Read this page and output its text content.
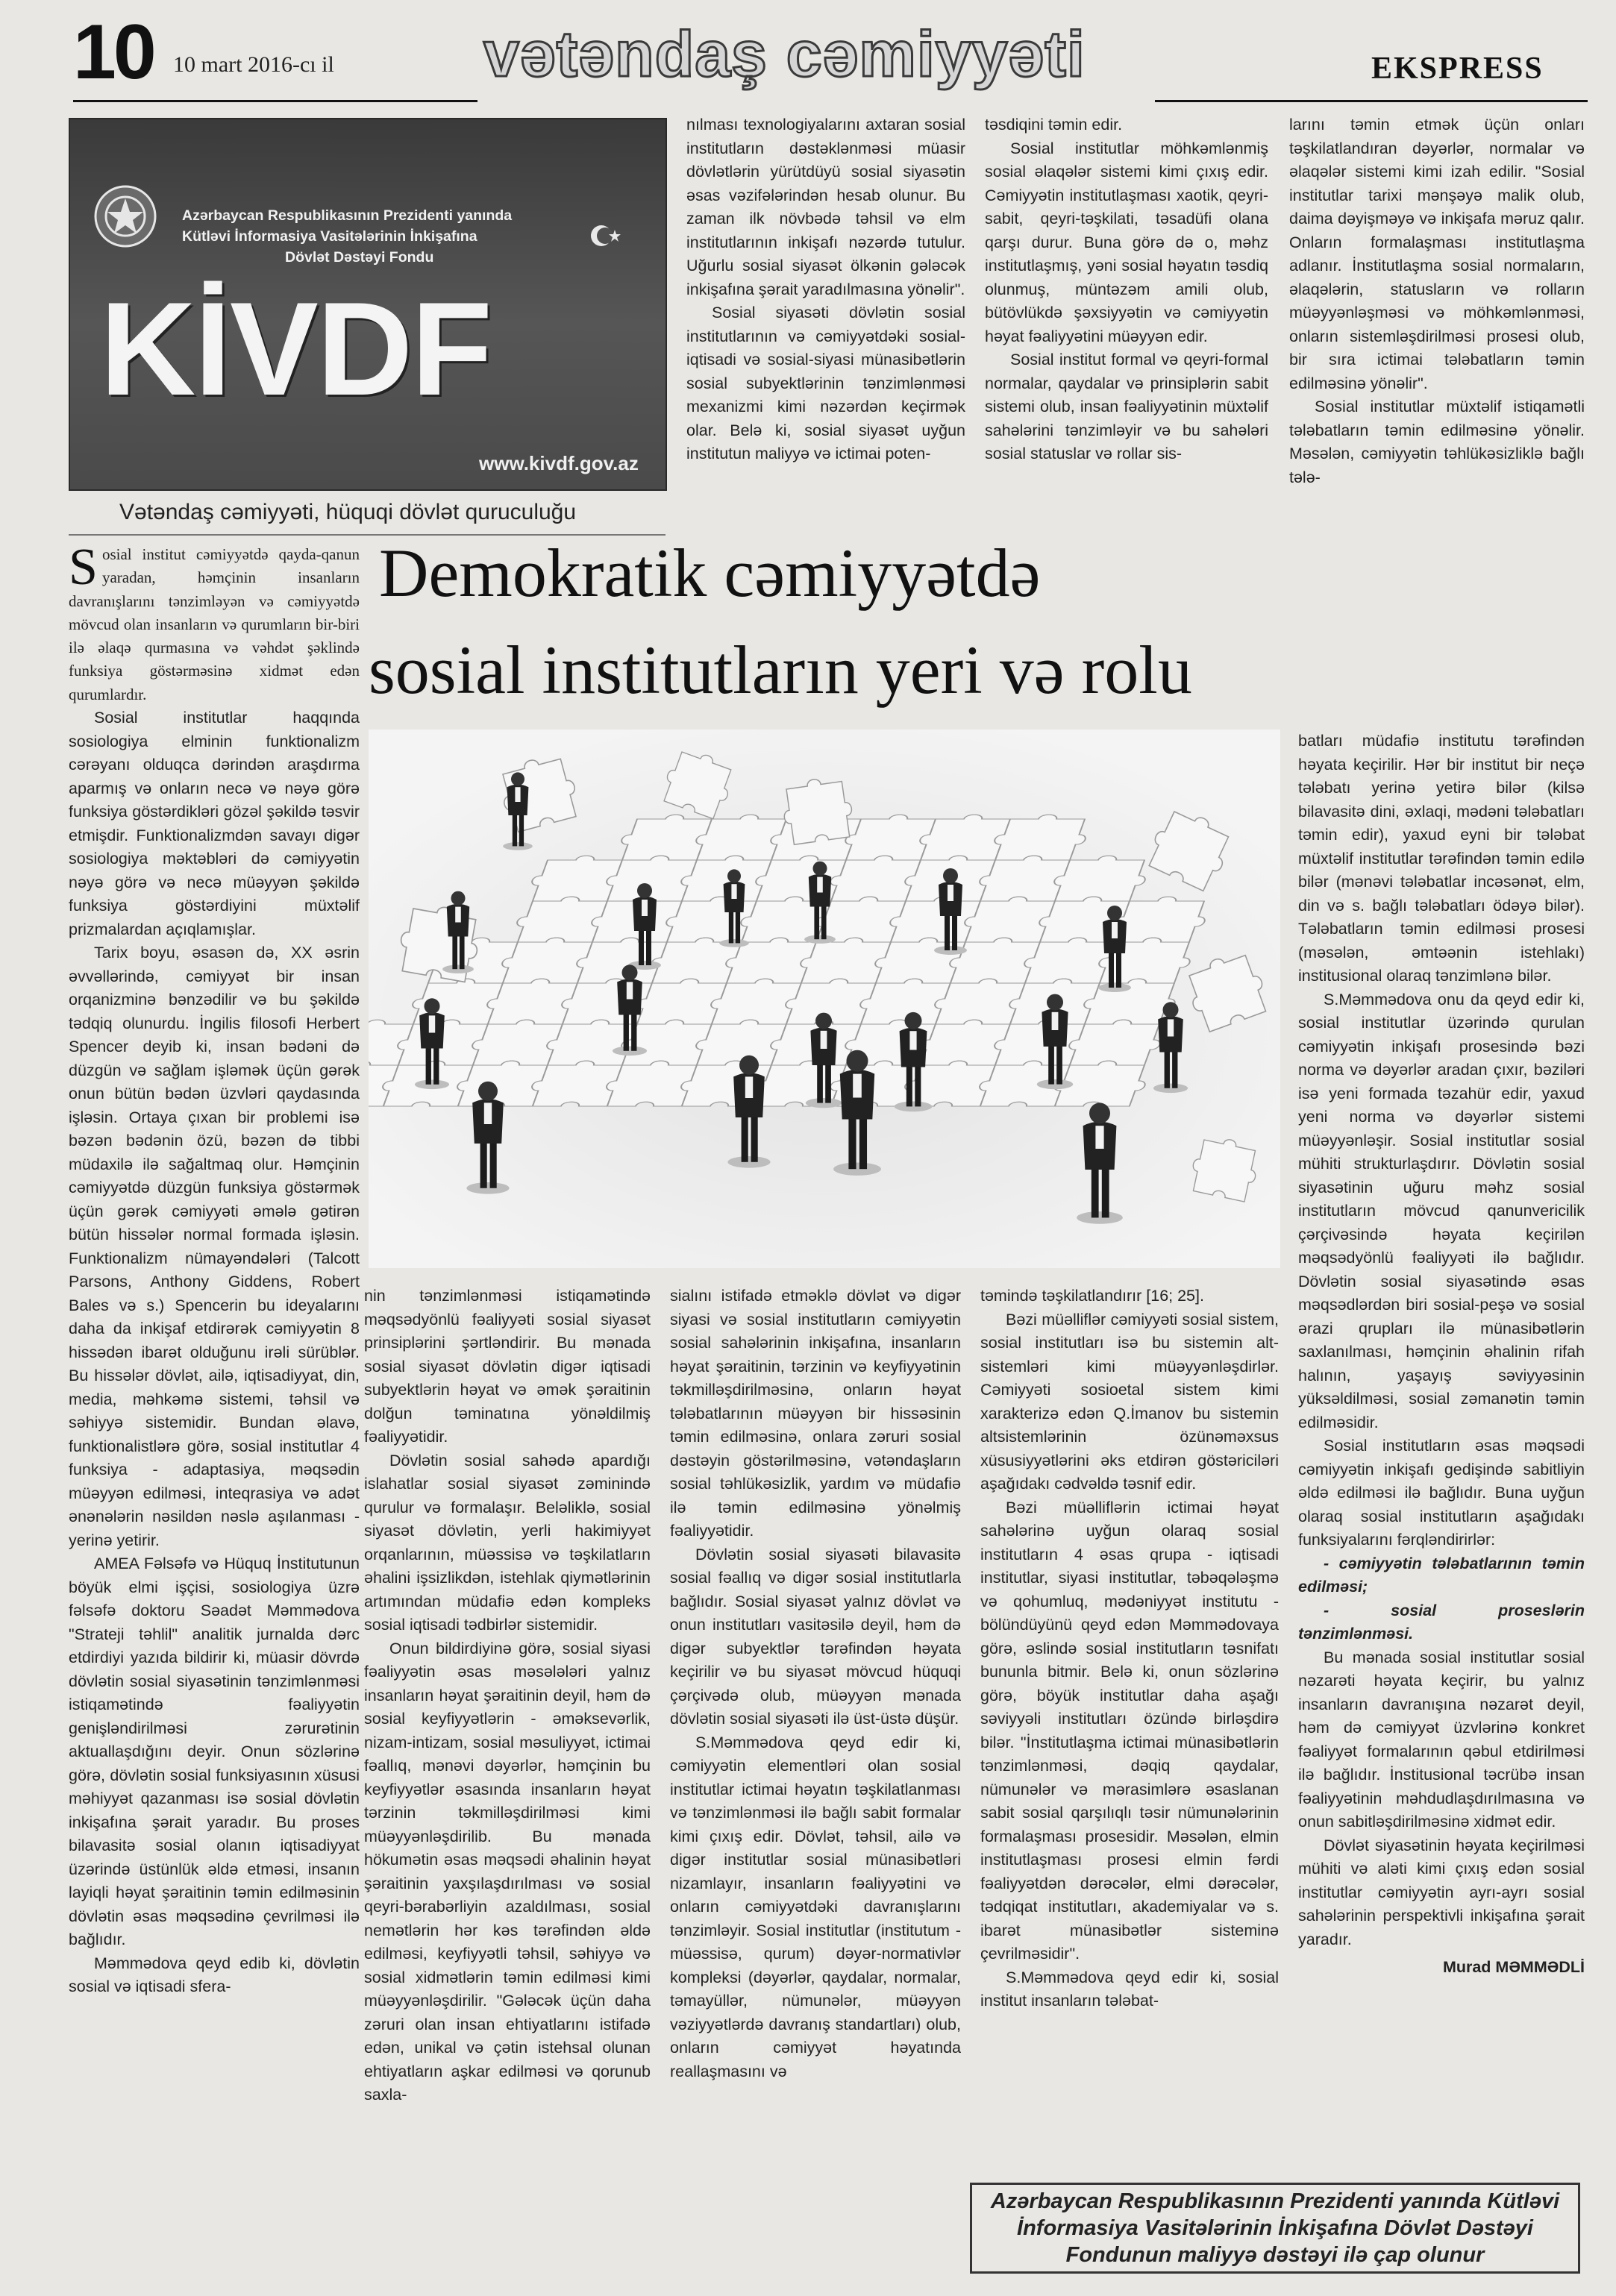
10 10 mart 2016-cı il vətəndaş cəmiyyəti	EKSPRESS
Azərbaycan Respublikasının Prezidenti yanında
Kütləvi İnformasiya Vasitələrinin İnkişafına
Dövlət Dəstəyi Fondu
KİVDF
www.kivdf.gov.az
Vətəndaş cəmiyyəti, hüquqi dövlət quruculuğu
Demokratik cəmiyyətdə
sosial institutların yeri və rolu

Sosial institut cəmiyyətdə qayda-qanun yaradan, həmçinin insanların davranışlarını tənzimləyən və cəmiyyətdə mövcud olan insanların və qurumların bir-biri ilə əlaqə qurmasına və vəhdət şəklində funksiya göstərməsinə xidmət edən qurumlardır.

Sosial institutlar haqqında sosiologiya elminin funktionalizm cərəyanı olduqca dərindən araşdırma aparmış və onların necə və nəyə görə funksiya göstərdikləri gözəl şəkildə təsvir etmişdir. Funktionalizmdən savayı digər sosiologiya məktəbləri də cəmiyyətin nəyə görə və necə müəyyən şəkildə funksiya göstərdiyini müxtəlif prizmalardan açıqlamışlar.

Tarix boyu, əsasən də, XX əsrin əvvəllərində, cəmiyyət bir insan orqanizminə bənzədilir və bu şəkildə tədqiq olunurdu. İngilis filosofi Herbert Spencer deyib ki, insan bədəni də düzgün və sağlam işləmək üçün gərək onun bütün bədən üzvləri qaydasında işləsin. Ortaya çıxan bir problemi isə bəzən bədənin özü, bəzən də tibbi müdaxilə ilə sağaltmaq olur. Həmçinin cəmiyyətdə düzgün funksiya göstərmək üçün gərək cəmiyyəti əmələ gətirən bütün hissələr normal formada işləsin. Funktionalizm nümayəndələri (Talcott Parsons, Anthony Giddens, Robert Bales və s.) Spencerin bu ideyalarını daha da inkişaf etdirərək cəmiyyətin 8 hissədən ibarət olduğunu irəli sürüblər. Bu hissələr dövlət, ailə, iqtisadiyyat, din, media, məhkəmə sistemi, təhsil və səhiyyə sistemidir. Bundan əlavə, funktionalistlərə görə, sosial institutlar 4 funksiya - adaptasiya, məqsədin müəyyən edilməsi, inteqrasiya və adət ənənələrin nəsildən nəslə aşılanması - yerinə yetirir.

AMEA Fəlsəfə və Hüquq İnstitutunun böyük elmi işçisi, sosiologiya üzrə fəlsəfə doktoru Səadət Məmmədova "Strateji təhlil" analitik jurnalda dərc etdirdiyi yazıda bildirir ki, müasir dövrdə dövlətin sosial siyasətinin tənzimlənməsi istiqamətində fəaliyyətin genişləndirilməsi zərurətinin aktuallaşdığını deyir. Onun sözlərinə görə, dövlətin sosial funksiyasının xüsusi məhiyyət qazanması isə sosial dövlətin inkişafına şərait yaradır. Bu proses bilavasitə sosial olanın iqtisadiyyat üzərində üstünlük əldə etməsi, insanın layiqli həyat şəraitinin təmin edilməsinin dövlətin əsas məqsədinə çevrilməsi ilə bağlıdır.

Məmmədova qeyd edib ki, dövlətin sosial və iqtisadi sfera-

nılması texnologiyalarını axtaran sosial institutların dəstəklənməsi müasir dövlətlərin yürütdüyü sosial siyasətin əsas vəzifələrindən hesab olunur. Bu zaman ilk növbədə təhsil və elm institutlarının inkişafı nəzərdə tutulur. Uğurlu sosial siyasət ölkənin gələcək inkişafına şərait yaradılmasına yönəlir".

Sosial siyasəti dövlətin sosial institutlarının və cəmiyyətdəki sosial-iqtisadi və sosial-siyasi münasibətlərin sosial subyektlərinin tənzimlənməsi mexanizmi kimi nəzərdən keçirmək olar. Belə ki, sosial siyasət uyğun institutun maliyyə və ictimai poten-

təsdiqini təmin edir.

Sosial institutlar möhkəmlənmiş sosial əlaqələr sistemi kimi çıxış edir. Cəmiyyətin institutlaşması xaotik, qeyri-sabit, qeyri-təşkilati, təsadüfi olana qarşı durur. Buna görə də o, məhz institutlaşmış, yəni sosial həyatın təsdiq olunmuş, müntəzəm amili olub, bütövlükdə şəxsiyyətin və cəmiyyətin həyat fəaliyyətini müəyyən edir.

Sosial institut formal və qeyri-formal normalar, qaydalar və prinsiplərin sabit sistemi olub, insan fəaliyyətinin müxtəlif sahələrini tənzimləyir və bu sahələri sosial statuslar və rollar sis-

larını təmin etmək üçün onları təşkilatlandıran dəyərlər, normalar və əlaqələr sistemi kimi izah edilir. "Sosial institutlar tarixi mənşəyə malik olub, daima dəyişməyə və inkişafa məruz qalır. Onların formalaşması institutlaşma adlanır. İnstitutlaşma sosial normaların, əlaqələrin, statusların və rolların müəyyənləşməsi və möhkəmlənməsi, onların sistemləşdirilməsi prosesi olub, bir sıra ictimai tələbatların təmin edilməsinə yönəlir".

Sosial institutlar müxtəlif istiqamətli tələbatların təmin edilməsinə yönəlir. Məsələn, cəmiyyətin təhlükəsizliklə bağlı tələ-

batları müdafiə institutu tərəfindən həyata keçirilir. Hər bir institut bir neçə tələbatı yerinə yetirə bilər (kilsə bilavasitə dini, əxlaqi, mədəni tələbatları təmin edir), yaxud eyni bir tələbat müxtəlif institutlar tərəfindən təmin edilə bilər (mənəvi tələbatlar incəsənət, elm, din və s. bağlı tələbatları ödəyə bilər). Tələbatların təmin edilməsi prosesi (məsələn, əmtəənin istehlakı) institusional olaraq tənzimlənə bilər.

S.Məmmədova onu da qeyd edir ki, sosial institutlar üzərində qurulan cəmiyyətin inkişafı prosesində bəzi norma və dəyərlər aradan çıxır, bəziləri isə yeni formada təzahür edir, yaxud yeni norma və dəyərlər sistemi müəyyənləşir. Sosial institutlar sosial mühiti strukturlaşdırır. Dövlətin sosial siyasətinin uğuru məhz sosial institutların mövcud qanunvericilik çərçivəsində həyata keçirilən məqsədyönlü fəaliyyəti ilə bağlıdır. Dövlətin sosial siyasətində əsas məqsədlərdən biri sosial-peşə və sosial ərazi qrupları ilə münasibətlərin saxlanılması, həmçinin əhalinin rifah halının, yaşayış səviyyəsinin yüksəldilməsi, sosial zəmanətin təmin edilməsidir.

Sosial institutların əsas məqsədi cəmiyyətin inkişafı gedişində sabitliyin əldə edilməsi ilə bağlıdır. Buna uyğun olaraq sosial institutların aşağıdakı funksiyalarını fərqləndirirlər:

- cəmiyyətin tələbatlarının təmin edilməsi;

- sosial proseslərin tənzimlənməsi.

Bu mənada sosial institutlar sosial nəzarəti həyata keçirir, bu yalnız insanların davranışına nəzarət deyil, həm də cəmiyyət üzvlərinə konkret fəaliyyət formalarının qəbul etdirilməsi ilə bağlıdır. İnstitusional təcrübə insan fəaliyyətinin məhdudlaşdırılmasına və onun sabitləşdirilməsinə xidmət edir.

Dövlət siyasətinin həyata keçirilməsi mühiti və aləti kimi çıxış edən sosial institutlar cəmiyyətin ayrı-ayrı sosial sahələrinin perspektivli inkişafına şərait yaradır.

Murad MƏMMƏDLİ

nin tənzimlənməsi istiqamətində məqsədyönlü fəaliyyəti sosial siyasət prinsiplərini şərtləndirir. Bu mənada sosial siyasət dövlətin digər iqtisadi subyektlərin həyat və əmək şəraitinin dolğun təminatına yönəldilmiş fəaliyyətidir.

Dövlətin sosial sahədə apardığı islahatlar sosial siyasət zəminində qurulur və formalaşır. Beləliklə, sosial siyasət dövlətin, yerli hakimiyyət orqanlarının, müəssisə və təşkilatların əhalini işsizlikdən, istehlak qiymətlərinin artımından müdafiə edən kompleks sosial iqtisadi tədbirlər sistemidir.

Onun bildirdiyinə görə, sosial siyasi fəaliyyətin əsas məsələləri yalnız insanların həyat şəraitinin deyil, həm də sosial keyfiyyətlərin - əməksevərlik, nizam-intizam, sosial məsuliyyət, ictimai fəallıq, mənəvi dəyərlər, həmçinin bu keyfiyyətlər əsasında insanların həyat tərzinin təkmilləşdirilməsi kimi müəyyənləşdirilib. Bu mənada hökumətin əsas məqsədi əhalinin həyat şəraitinin yaxşılaşdırılması və sosial qeyri-bərabərliyin azaldılması, sosial nemətlərin hər kəs tərəfindən əldə edilməsi, keyfiyyətli təhsil, səhiyyə və sosial xidmətlərin təmin edilməsi kimi müəyyənləşdirilir. "Gələcək üçün daha zəruri olan insan ehtiyatlarını istifadə edən, unikal və çətin istehsal olunan ehtiyatların aşkar edilməsi və qorunub saxla-

sialını istifadə etməklə dövlət və digər siyasi və sosial institutların cəmiyyətin sosial sahələrinin inkişafına, insanların həyat şəraitinin, tərzinin və keyfiyyətinin təkmilləşdirilməsinə, onların həyat tələbatlarının müəyyən bir hissəsinin təmin edilməsinə, onlara zəruri sosial dəstəyin göstərilməsinə, vətəndaşların sosial təhlükəsizlik, yardım və müdafiə ilə təmin edilməsinə yönəlmiş fəaliyyətidir.

Dövlətin sosial siyasəti bilavasitə sosial fəallıq və digər sosial institutlarla bağlıdır. Sosial siyasət yalnız dövlət və onun institutları vasitəsilə deyil, həm də digər subyektlər tərəfindən həyata keçirilir və bu siyasət mövcud hüquqi çərçivədə olub, müəyyən mənada dövlətin sosial siyasəti ilə üst-üstə düşür.

S.Məmmədova qeyd edir ki, cəmiyyətin elementləri olan sosial institutlar ictimai həyatın təşkilatlanması və tənzimlənməsi ilə bağlı sabit formalar kimi çıxış edir. Dövlət, təhsil, ailə və digər institutlar sosial münasibətləri nizamlayır, insanların fəaliyyətini və onların cəmiyyətdəki davranışlarını tənzimləyir. Sosial institutlar (institutum - müəssisə, qurum) dəyər-normativlər kompleksi (dəyərlər, qaydalar, normalar, təmayüllər, nümunələr, müəyyən vəziyyətlərdə davranış standartları) olub, onların cəmiyyət həyatında reallaşmasını və

təmində təşkilatlandırır [16; 25].

Bəzi müəlliflər cəmiyyəti sosial sistem, sosial institutları isə bu sistemin alt-sistemləri kimi müəyyənləşdirlər. Cəmiyyəti sosioetal sistem kimi xarakterizə edən Q.İmanov bu sistemin altsistemlərinin özünəməxsus xüsusiyyətlərini əks etdirən göstəriciləri aşağıdakı cədvəldə təsnif edir.

Bəzi müəlliflərin ictimai həyat sahələrinə uyğun olaraq sosial institutların 4 əsas qrupa - iqtisadi institutlar, siyasi institutlar, təbəqələşmə və qohumluq, mədəniyyət institutu - bölündüyünü qeyd edən Məmmədovaya görə, əslində sosial institutların təsnifatı bununla bitmir. Belə ki, onun sözlərinə görə, böyük institutlar daha aşağı səviyyəli institutları özündə birləşdirə bilər. "İnstitutlaşma ictimai münasibətlərin tənzimlənməsi, dəqiq qaydalar, nümunələr və mərasimlərə əsaslanan sabit sosial qarşılıqlı təsir nümunələrinin formalaşması prosesidir. Məsələn, elmin institutlaşması prosesi elmin fərdi fəaliyyətdən dərəcələr, elmi dərəcələr, tədqiqat institutları, akademiyalar və s. ibarət münasibətlər sisteminə çevrilməsidir".

S.Məmmədova qeyd edir ki, sosial institut insanların tələbat-

Azərbaycan Respublikasının Prezidenti yanında Kütləvi İnformasiya Vasitələrinin İnkişafına Dövlət Dəstəyi Fondunun maliyyə dəstəyi ilə çap olunur
